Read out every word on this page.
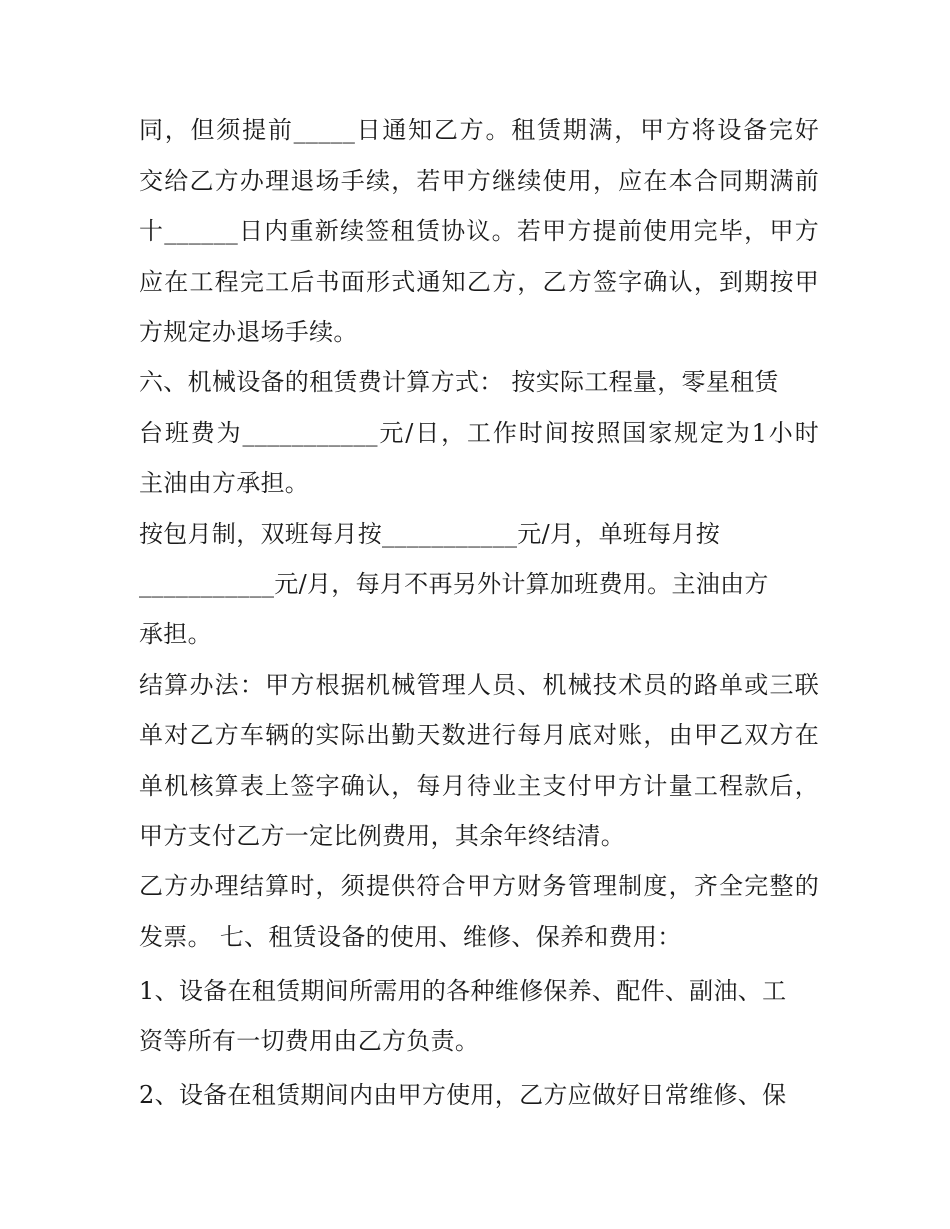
同，但须提前_____日通知乙方。租赁期满，甲方将设备完好
交给乙方办理退场手续，若甲方继续使用，应在本合同期满前
十______日内重新续签租赁协议。若甲方提前使用完毕，甲方
应在工程完工后书面形式通知乙方，乙方签字确认，到期按甲
方规定办退场手续。
六、机械设备的租赁费计算方式： 按实际工程量，零星租赁
台班费为___________元/日，工作时间按照国家规定为1小时
主油由方承担。
按包月制，双班每月按___________元/月，单班每月按
___________元/月，每月不再另外计算加班费用。主油由方
承担。
结算办法：甲方根据机械管理人员、机械技术员的路单或三联
单对乙方车辆的实际出勤天数进行每月底对账，由甲乙双方在
单机核算表上签字确认，每月待业主支付甲方计量工程款后，
甲方支付乙方一定比例费用，其余年终结清。
乙方办理结算时，须提供符合甲方财务管理制度，齐全完整的
发票。 七、租赁设备的使用、维修、保养和费用：
1、设备在租赁期间所需用的各种维修保养、配件、副油、工
资等所有一切费用由乙方负责。
2、设备在租赁期间内由甲方使用，乙方应做好日常维修、保
